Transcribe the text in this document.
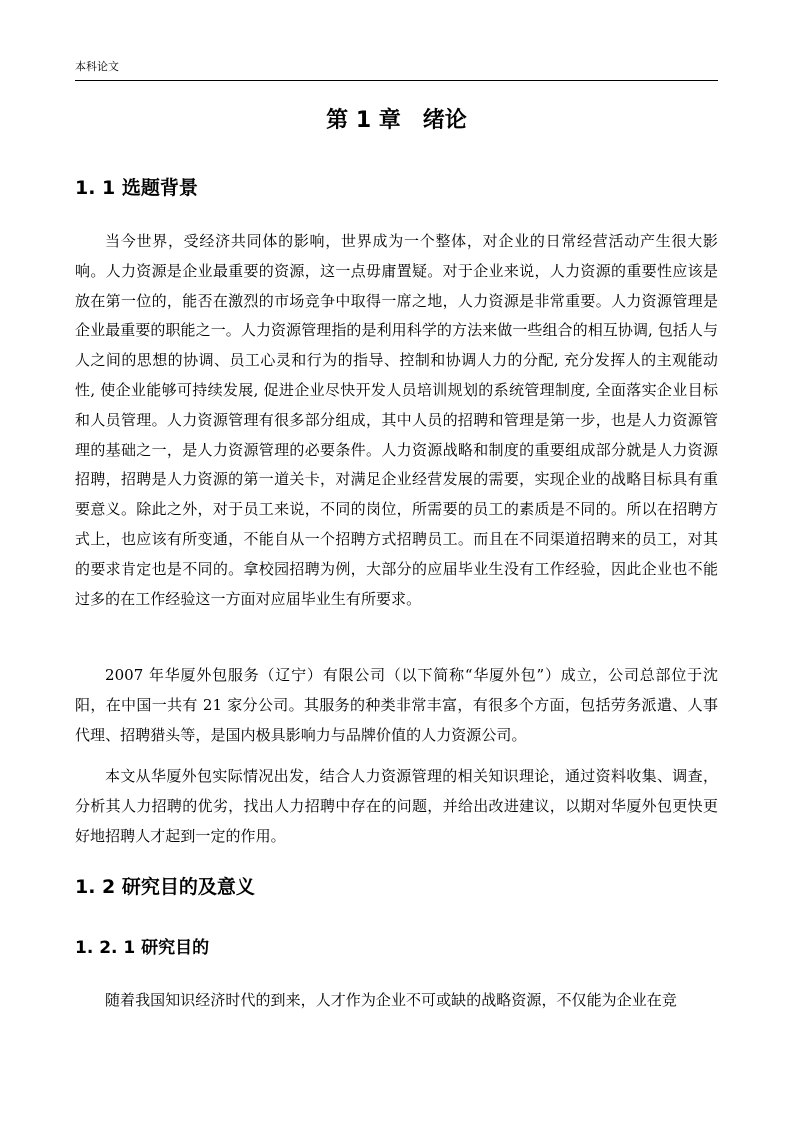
本科论文
第 1 章　绪论
1. 1 选题背景

当今世界，受经济共同体的影响，世界成为一个整体，对企业的日常经营活动产生很大影响。人力资源是企业最重要的资源，这一点毋庸置疑。对于企业来说，人力资源的重要性应该是放在第一位的，能否在激烈的市场竞争中取得一席之地，人力资源是非常重要。人力资源管理是企业最重要的职能之一。人力资源管理指的是利用科学的方法来做一些组合的相互协调, 包括人与人之间的思想的协调、员工心灵和行为的指导、控制和协调人力的分配, 充分发挥人的主观能动性, 使企业能够可持续发展, 促进企业尽快开发人员培训规划的系统管理制度, 全面落实企业目标和人员管理。人力资源管理有很多部分组成，其中人员的招聘和管理是第一步，也是人力资源管理的基础之一，是人力资源管理的必要条件。人力资源战略和制度的重要组成部分就是人力资源招聘，招聘是人力资源的第一道关卡，对满足企业经营发展的需要，实现企业的战略目标具有重要意义。除此之外，对于员工来说，不同的岗位，所需要的员工的素质是不同的。所以在招聘方式上，也应该有所变通，不能自从一个招聘方式招聘员工。而且在不同渠道招聘来的员工，对其的要求肯定也是不同的。拿校园招聘为例，大部分的应届毕业生没有工作经验，因此企业也不能过多的在工作经验这一方面对应届毕业生有所要求。

2007 年华厦外包服务（辽宁）有限公司（以下简称“华厦外包”）成立，公司总部位于沈阳，在中国一共有 21 家分公司。其服务的种类非常丰富，有很多个方面，包括劳务派遣、人事代理、招聘猎头等，是国内极具影响力与品牌价值的人力资源公司。

本文从华厦外包实际情况出发，结合人力资源管理的相关知识理论，通过资料收集、调查，分析其人力招聘的优劣，找出人力招聘中存在的问题，并给出改进建议，以期对华厦外包更快更好地招聘人才起到一定的作用。

1. 2 研究目的及意义
1. 2. 1 研究目的

随着我国知识经济时代的到来，人才作为企业不可或缺的战略资源，不仅能为企业在竞
